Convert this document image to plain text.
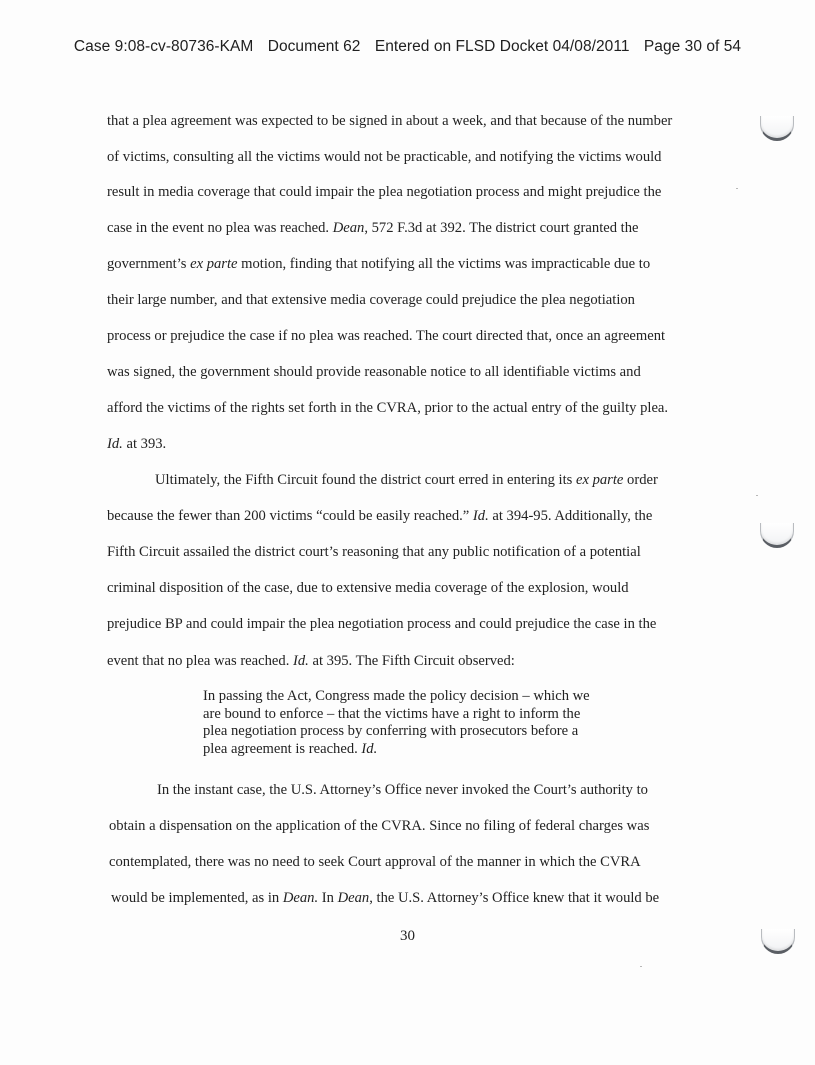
Case 9:08-cv-80736-KAM Document 62 Entered on FLSD Docket 04/08/2011 Page 30 of 54
that a plea agreement was expected to be signed in about a week, and that because of the number
of victims, consulting all the victims would not be practicable, and notifying the victims would
result in media coverage that could impair the plea negotiation process and might prejudice the
case in the event no plea was reached. Dean, 572 F.3d at 392. The district court granted the
government’s ex parte motion, finding that notifying all the victims was impracticable due to
their large number, and that extensive media coverage could prejudice the plea negotiation
process or prejudice the case if no plea was reached. The court directed that, once an agreement
was signed, the government should provide reasonable notice to all identifiable victims and
afford the victims of the rights set forth in the CVRA, prior to the actual entry of the guilty plea.
Id. at 393.
Ultimately, the Fifth Circuit found the district court erred in entering its ex parte order
because the fewer than 200 victims “could be easily reached.” Id. at 394-95. Additionally, the
Fifth Circuit assailed the district court’s reasoning that any public notification of a potential
criminal disposition of the case, due to extensive media coverage of the explosion, would
prejudice BP and could impair the plea negotiation process and could prejudice the case in the
event that no plea was reached. Id. at 395. The Fifth Circuit observed:
In passing the Act, Congress made the policy decision – which we
are bound to enforce – that the victims have a right to inform the
plea negotiation process by conferring with prosecutors before a
plea agreement is reached. Id.
In the instant case, the U.S. Attorney’s Office never invoked the Court’s authority to
obtain a dispensation on the application of the CVRA. Since no filing of federal charges was
contemplated, there was no need to seek Court approval of the manner in which the CVRA
would be implemented, as in Dean. In Dean, the U.S. Attorney’s Office knew that it would be
30
